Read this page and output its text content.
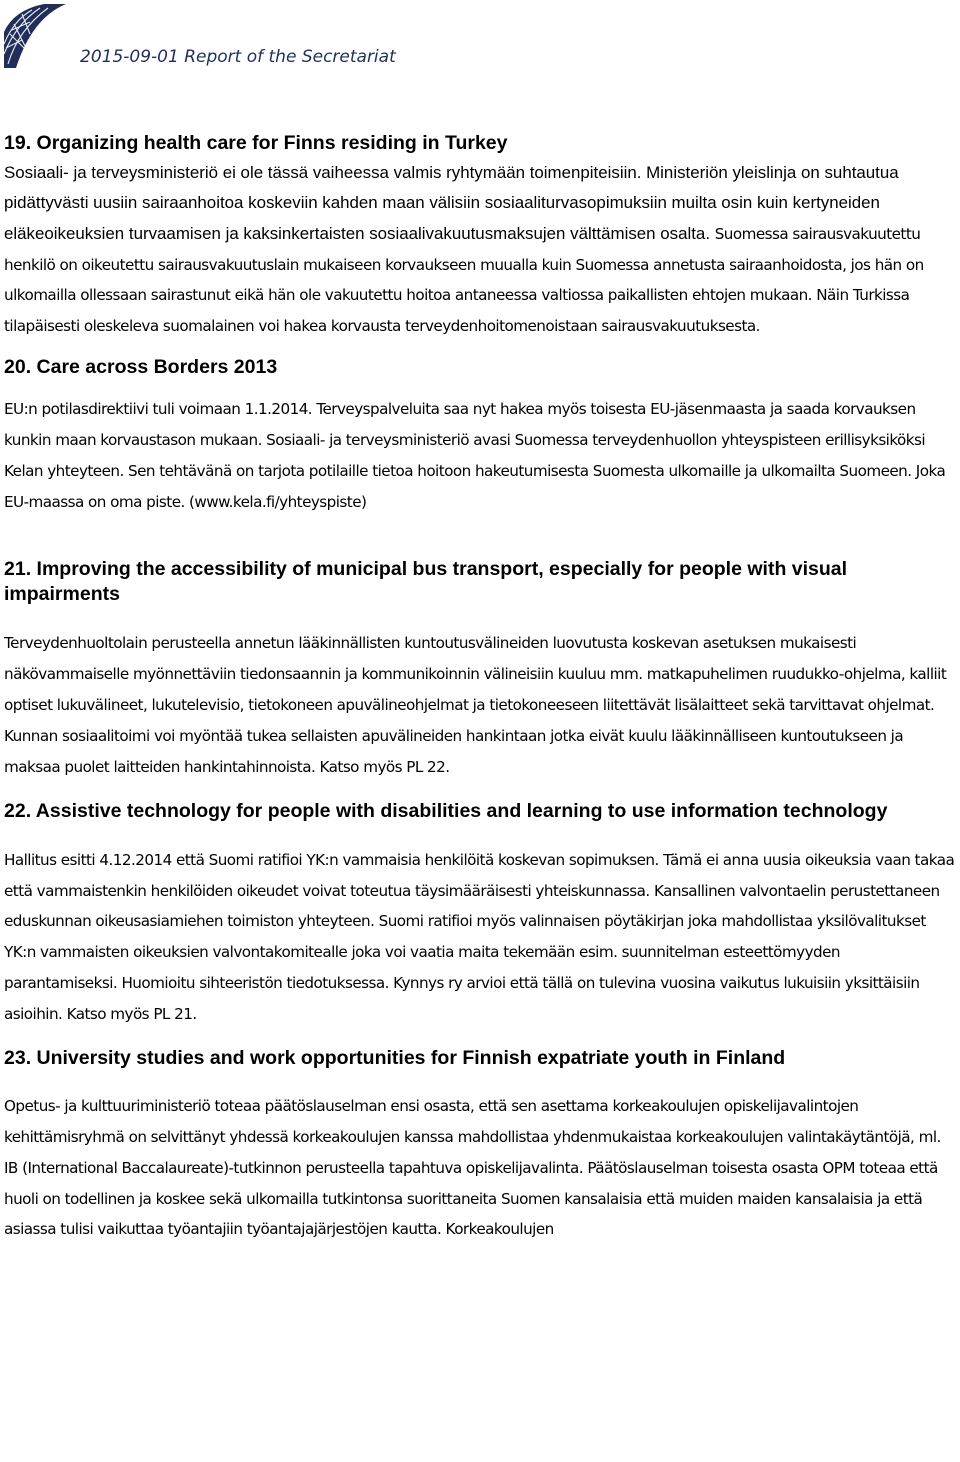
2015-09-01 Report of the Secretariat
19. Organizing health care for Finns residing in Turkey

Sosiaali- ja terveysministeriö ei ole tässä vaiheessa valmis ryhtymään toimenpiteisiin. Ministeriön yleislinja on suhtautua pidättyvästi uusiin sairaanhoitoa koskeviin kahden maan välisiin sosiaaliturvasopimuksiin muilta osin kuin kertyneiden eläkeoikeuksien turvaamisen ja kaksinkertaisten sosiaalivakuutusmaksujen välttämisen osalta. Suomessa sairausvakuutettu henkilö on oikeutettu sairausvakuutuslain mukaiseen korvaukseen muualla kuin Suomessa annetusta sairaanhoidosta, jos hän on ulkomailla ollessaan sairastunut eikä hän ole vakuutettu hoitoa antaneessa valtiossa paikallisten ehtojen mukaan. Näin Turkissa tilapäisesti oleskeleva suomalainen voi hakea korvausta terveydenhoitomenoistaan sairausvakuutuksesta.

20. Care across Borders 2013

EU:n potilasdirektiivi tuli voimaan 1.1.2014. Terveyspalveluita saa nyt hakea myös toisesta EU-jäsenmaasta ja saada korvauksen kunkin maan korvaustason mukaan. Sosiaali- ja terveysministeriö avasi Suomessa terveydenhuollon yhteyspisteen erillisyksiköksi Kelan yhteyteen. Sen tehtävänä on tarjota potilaille tietoa hoitoon hakeutumisesta Suomesta ulkomaille ja ulkomailta Suomeen. Joka EU-maassa on oma piste. (www.kela.fi/yhteyspiste)

21. Improving the accessibility of municipal bus transport, especially for people with visual impairments

Terveydenhuoltolain perusteella annetun lääkinnällisten kuntoutusvälineiden luovutusta koskevan asetuksen mukaisesti näkövammaiselle myönnettäviin tiedonsaannin ja kommunikoinnin välineisiin kuuluu mm. matkapuhelimen ruudukko-ohjelma, kalliit optiset lukuvälineet, lukutelevisio, tietokoneen apuvälineohjelmat ja tietokoneeseen liitettävät lisälaitteet sekä tarvittavat ohjelmat. Kunnan sosiaalitoimi voi myöntää tukea sellaisten apuvälineiden hankintaan jotka eivät kuulu lääkinnälliseen kuntoutukseen ja maksaa puolet laitteiden hankintahinnoista. Katso myös PL 22.

22. Assistive technology for people with disabilities and learning to use information technology

Hallitus esitti 4.12.2014 että Suomi ratifioi YK:n vammaisia henkilöitä koskevan sopimuksen. Tämä ei anna uusia oikeuksia vaan takaa että vammaistenkin henkilöiden oikeudet voivat toteutua täysimääräisesti yhteiskunnassa. Kansallinen valvontaelin perustettaneen eduskunnan oikeusasiamiehen toimiston yhteyteen. Suomi ratifioi myös valinnaisen pöytäkirjan joka mahdollistaa yksilövalitukset YK:n vammaisten oikeuksien valvontakomitealle joka voi vaatia maita tekemään esim. suunnitelman esteettömyyden parantamiseksi. Huomioitu sihteeristön tiedotuksessa. Kynnys ry arvioi että tällä on tulevina vuosina vaikutus lukuisiin yksittäisiin asioihin. Katso myös PL 21.

23. University studies and work opportunities for Finnish expatriate youth in Finland

Opetus- ja kulttuuriministeriö toteaa päätöslauselman ensi osasta, että sen asettama korkeakoulujen opiskelijavalintojen kehittämisryhmä on selvittänyt yhdessä korkeakoulujen kanssa mahdollistaa yhdenmukaistaa korkeakoulujen valintakäytäntöjä, ml. IB (International Baccalaureate)-tutkinnon perusteella tapahtuva opiskelijavalinta. Päätöslauselman toisesta osasta OPM toteaa että huoli on todellinen ja koskee sekä ulkomailla tutkintonsa suorittaneita Suomen kansalaisia että muiden maiden kansalaisia ja että asiassa tulisi vaikuttaa työantajiin työantajajärjestöjen kautta. Korkeakoulujen
